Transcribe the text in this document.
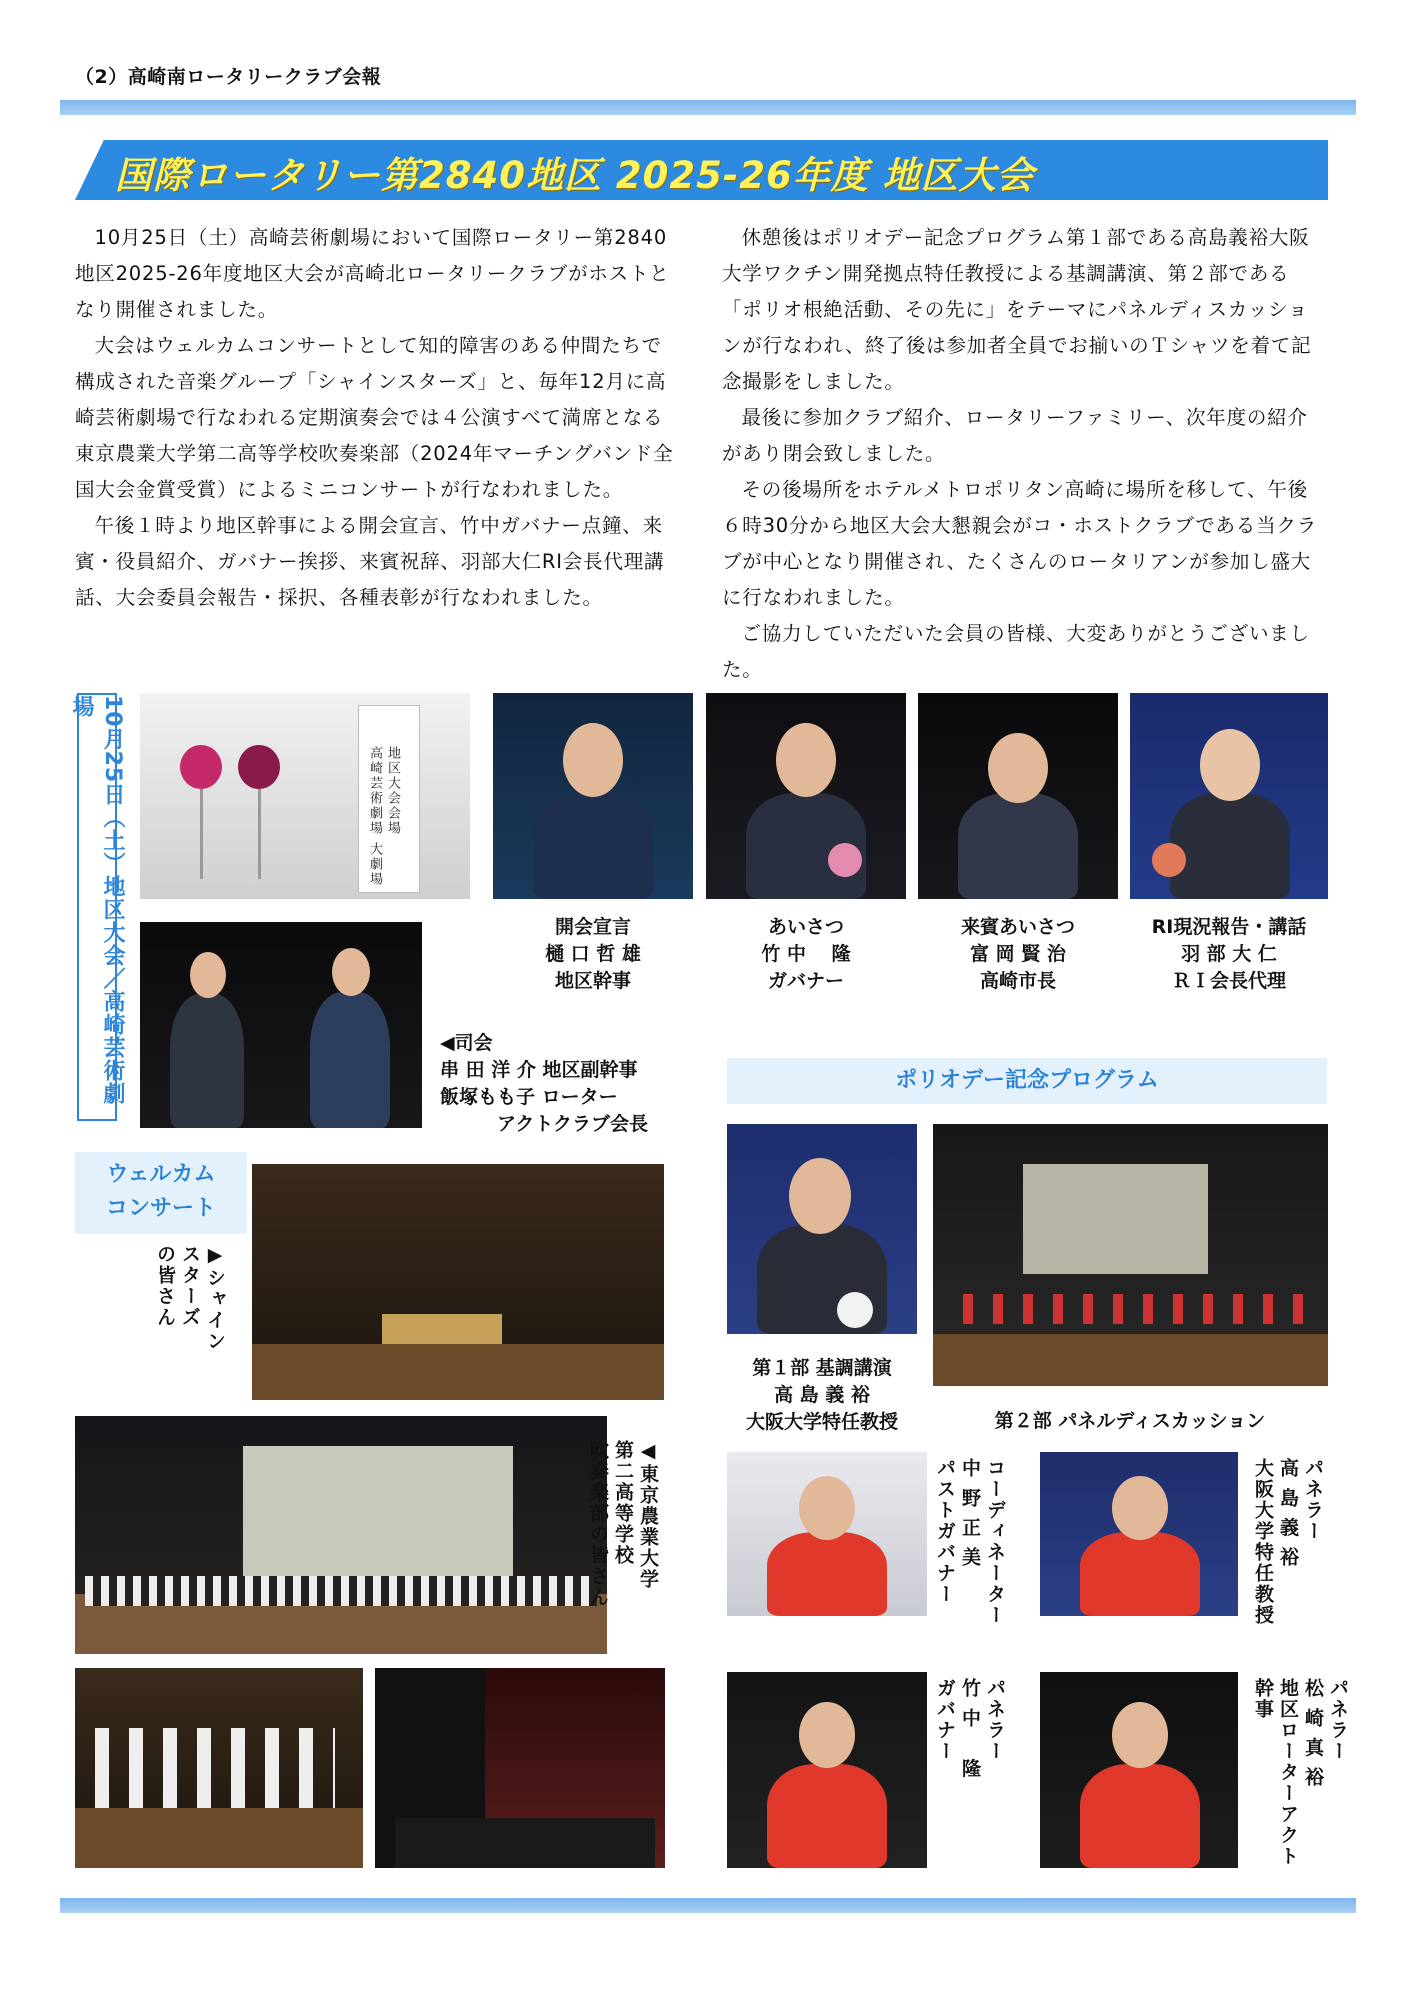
（2）高崎南ロータリークラブ会報
国際ロータリー第2840地区 2025-26年度 地区大会

10月25日（土）高崎芸術劇場において国際ロータリー第2840地区2025-26年度地区大会が高崎北ロータリークラブがホストとなり開催されました。

大会はウェルカムコンサートとして知的障害のある仲間たちで構成された音楽グループ「シャインスターズ」と、毎年12月に高崎芸術劇場で行なわれる定期演奏会では４公演すべて満席となる東京農業大学第二高等学校吹奏楽部（2024年マーチングバンド全国大会金賞受賞）によるミニコンサートが行なわれました。

午後１時より地区幹事による開会宣言、竹中ガバナー点鐘、来賓・役員紹介、ガバナー挨拶、来賓祝辞、羽部大仁RI会長代理講話、大会委員会報告・採択、各種表彰が行なわれました。

休憩後はポリオデー記念プログラム第１部である高島義裕大阪大学ワクチン開発拠点特任教授による基調講演、第２部である「ポリオ根絶活動、その先に」をテーマにパネルディスカッションが行なわれ、終了後は参加者全員でお揃いのＴシャツを着て記念撮影をしました。

最後に参加クラブ紹介、ロータリーファミリー、次年度の紹介があり閉会致しました。

その後場所をホテルメトロポリタン高崎に場所を移して、午後６時30分から地区大会大懇親会がコ・ホストクラブである当クラブが中心となり開催され、たくさんのロータリアンが参加し盛大に行なわれました。

ご協力していただいた会員の皆様、大変ありがとうございました。

10月25日（土）地区大会／高崎芸術劇場
地区大会会場
高崎芸術劇場 大劇場
開会宣言
樋 口 哲 雄
地区幹事
あいさつ
竹 中　 隆
ガバナー
来賓あいさつ
富 岡 賢 治
高崎市長
RI現況報告・講話
羽 部 大 仁
ＲＩ会長代理
◀司会
串 田 洋 介 地区副幹事
飯塚もも子 ローター
　　　アクトクラブ会長
ウェルカム
コンサート
▶シャイン
スターズ
の皆さん
◀東京農業大学
第二高等学校
吹奏楽部の皆さん
ポリオデー記念プログラム
第１部 基調講演
高 島 義 裕
大阪大学特任教授	第２部 パネルディスカッション
コーディネーター
中 野 正 美
パストガバナー	パネラー
高 島 義 裕
大阪大学特任教授
パネラー
竹 中　 隆
ガバナー	パネラー
松 崎 真 裕
地区ローターアクト幹事
